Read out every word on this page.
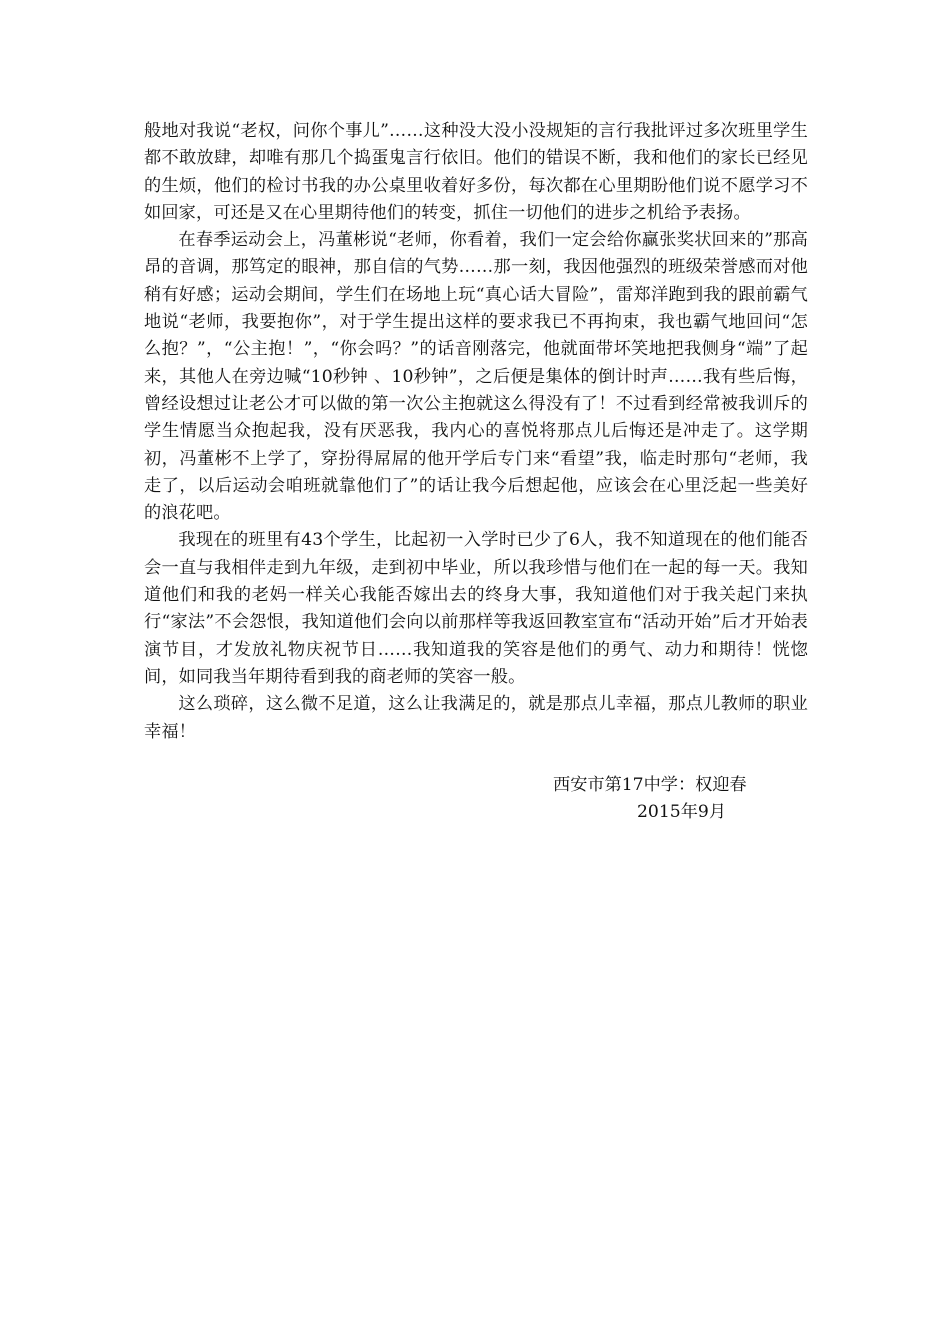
般地对我说“老权，问你个事儿”……这种没大没小没规矩的言行我批评过多次班里学生都不敢放肆，却唯有那几个捣蛋鬼言行依旧。他们的错误不断，我和他们的家长已经见的生烦，他们的检讨书我的办公桌里收着好多份，每次都在心里期盼他们说不愿学习不如回家，可还是又在心里期待他们的转变，抓住一切他们的进步之机给予表扬。

在春季运动会上，冯董彬说“老师，你看着，我们一定会给你赢张奖状回来的”那高昂的音调，那笃定的眼神，那自信的气势……那一刻，我因他强烈的班级荣誉感而对他稍有好感；运动会期间，学生们在场地上玩“真心话大冒险”，雷郑洋跑到我的跟前霸气地说“老师，我要抱你”，对于学生提出这样的要求我已不再拘束，我也霸气地回问“怎么抱？”，“公主抱！”，“你会吗？”的话音刚落完，他就面带坏笑地把我侧身“端”了起来，其他人在旁边喊“10秒钟 、10秒钟”，之后便是集体的倒计时声……我有些后悔，曾经设想过让老公才可以做的第一次公主抱就这么得没有了！不过看到经常被我训斥的学生情愿当众抱起我，没有厌恶我，我内心的喜悦将那点儿后悔还是冲走了。这学期初，冯董彬不上学了，穿扮得屌屌的他开学后专门来“看望”我，临走时那句“老师，我走了，以后运动会咱班就靠他们了”的话让我今后想起他，应该会在心里泛起一些美好的浪花吧。

我现在的班里有43个学生，比起初一入学时已少了6人，我不知道现在的他们能否会一直与我相伴走到九年级，走到初中毕业，所以我珍惜与他们在一起的每一天。我知道他们和我的老妈一样关心我能否嫁出去的终身大事，我知道他们对于我关起门来执行“家法”不会怨恨，我知道他们会向以前那样等我返回教室宣布“活动开始”后才开始表演节目，才发放礼物庆祝节日……我知道我的笑容是他们的勇气、动力和期待！恍惚间，如同我当年期待看到我的商老师的笑容一般。

这么琐碎，这么微不足道，这么让我满足的，就是那点儿幸福，那点儿教师的职业幸福！

西安市第17中学：权迎春
2015年9月
